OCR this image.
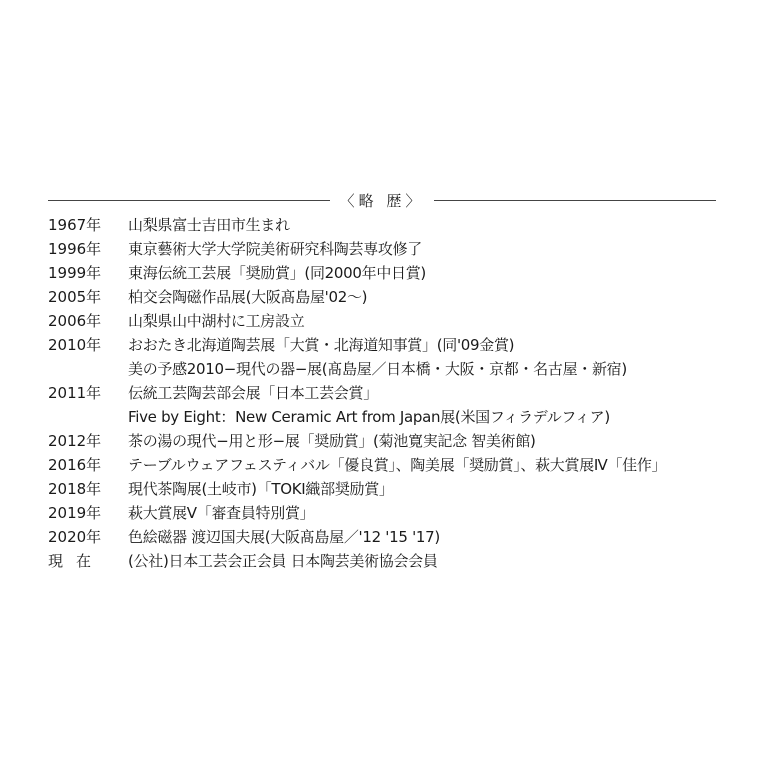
〈略 歴〉
1967年	山梨県富士吉田市生まれ
1996年	東京藝術大学大学院美術研究科陶芸専攻修了
1999年	東海伝統工芸展「奨励賞」(同2000年中日賞)
2005年	柏交会陶磁作品展(大阪髙島屋'02〜)
2006年	山梨県山中湖村に工房設立
2010年	おおたき北海道陶芸展「大賞・北海道知事賞」(同'09金賞)
美の予感2010−現代の器−展(髙島屋／日本橋・大阪・京都・名古屋・新宿)
2011年	伝統工芸陶芸部会展「日本工芸会賞」
Five by Eight：New Ceramic Art from Japan展(米国フィラデルフィア)
2012年	茶の湯の現代−用と形−展「奨励賞」(菊池寛実記念 智美術館)
2016年	テーブルウェアフェスティバル「優良賞」、陶美展「奨励賞」、萩大賞展Ⅳ「佳作」
2018年	現代茶陶展(土岐市)「TOKI織部奨励賞」
2019年	萩大賞展Ⅴ「審査員特別賞」
2020年	色絵磁器 渡辺国夫展(大阪髙島屋／'12 '15 '17)
現在	(公社)日本工芸会正会員 日本陶芸美術協会会員
